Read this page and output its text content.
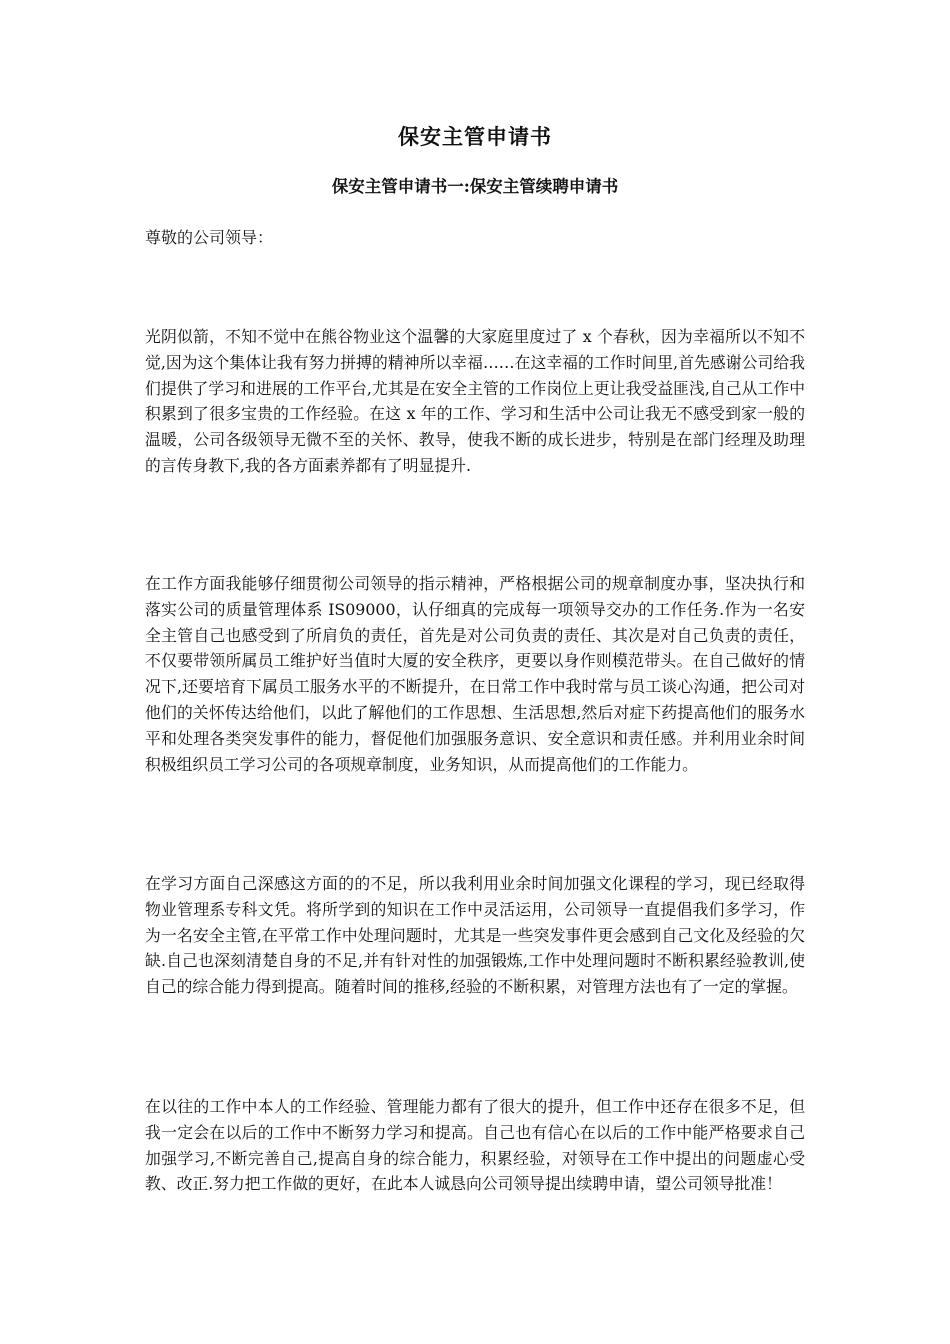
保安主管申请书
保安主管申请书一:保安主管续聘申请书
尊敬的公司领导：
光阴似箭，不知不觉中在熊谷物业这个温馨的大家庭里度过了 x 个春秋，因为幸福所以不知不觉,因为这个集体让我有努力拼搏的精神所以幸福……在这幸福的工作时间里,首先感谢公司给我们提供了学习和进展的工作平台,尤其是在安全主管的工作岗位上更让我受益匪浅,自己从工作中积累到了很多宝贵的工作经验。在这 x 年的工作、学习和生活中公司让我无不感受到家一般的温暖，公司各级领导无微不至的关怀、教导，使我不断的成长进步，特别是在部门经理及助理的言传身教下,我的各方面素养都有了明显提升.
在工作方面我能够仔细贯彻公司领导的指示精神，严格根据公司的规章制度办事，坚决执行和落实公司的质量管理体系 IS09000，认仔细真的完成每一项领导交办的工作任务.作为一名安全主管自己也感受到了所肩负的责任，首先是对公司负责的责任、其次是对自己负责的责任，不仅要带领所属员工维护好当值时大厦的安全秩序，更要以身作则模范带头。在自己做好的情况下,还要培育下属员工服务水平的不断提升，在日常工作中我时常与员工谈心沟通，把公司对他们的关怀传达给他们，以此了解他们的工作思想、生活思想,然后对症下药提高他们的服务水平和处理各类突发事件的能力，督促他们加强服务意识、安全意识和责任感。并利用业余时间积极组织员工学习公司的各项规章制度，业务知识，从而提高他们的工作能力。
在学习方面自己深感这方面的的不足，所以我利用业余时间加强文化课程的学习，现已经取得物业管理系专科文凭。将所学到的知识在工作中灵活运用，公司领导一直提倡我们多学习，作为一名安全主管,在平常工作中处理问题时，尤其是一些突发事件更会感到自己文化及经验的欠缺.自己也深刻清楚自身的不足,并有针对性的加强锻炼,工作中处理问题时不断积累经验教训,使自己的综合能力得到提高。随着时间的推移,经验的不断积累，对管理方法也有了一定的掌握。
在以往的工作中本人的工作经验、管理能力都有了很大的提升，但工作中还存在很多不足，但我一定会在以后的工作中不断努力学习和提高。自己也有信心在以后的工作中能严格要求自己加强学习,不断完善自己,提高自身的综合能力，积累经验，对领导在工作中提出的问题虚心受教、改正.努力把工作做的更好，在此本人诚恳向公司领导提出续聘申请，望公司领导批准！
